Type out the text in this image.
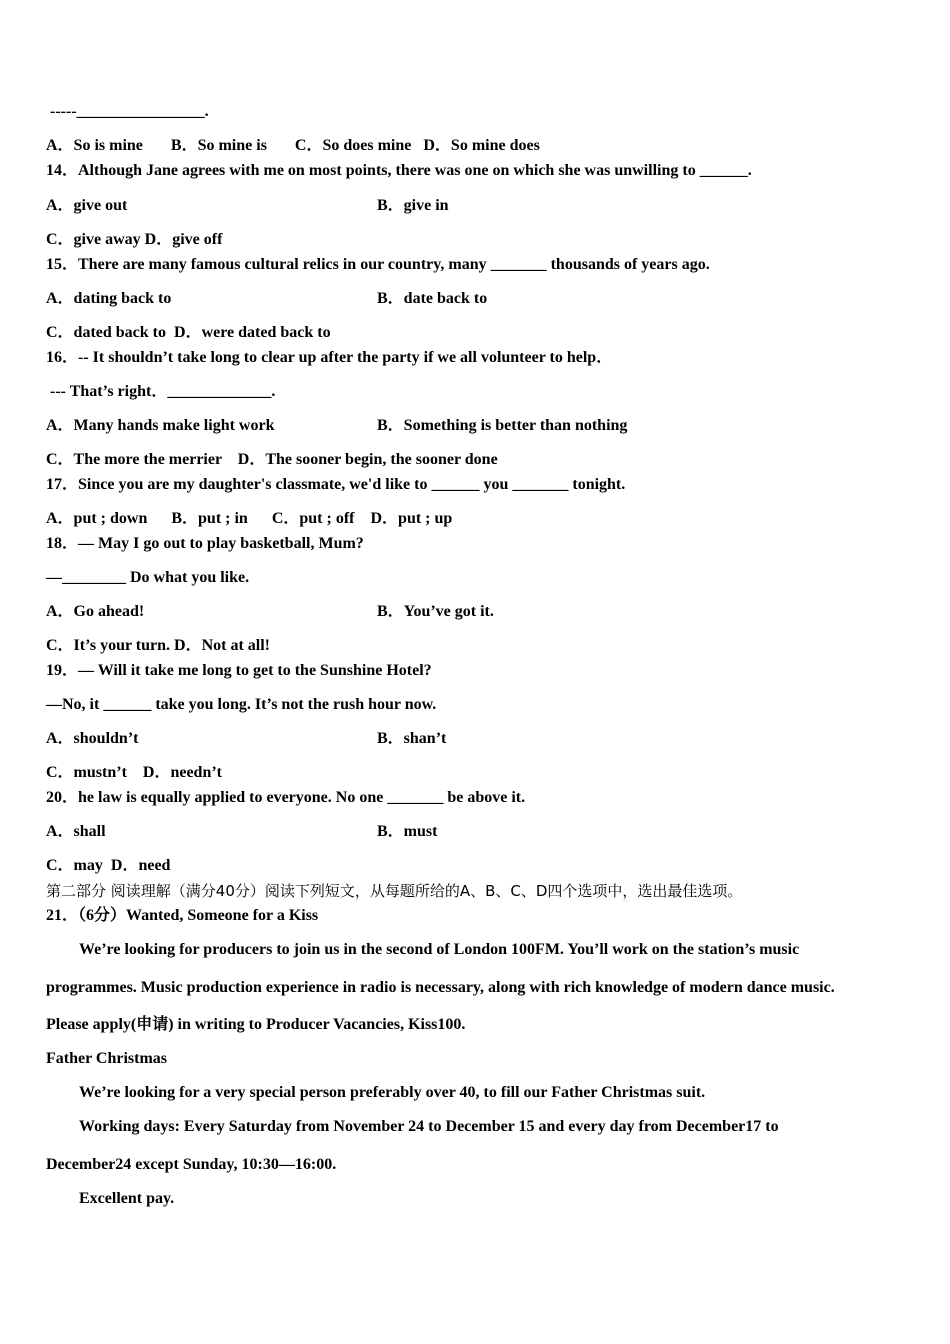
-----________________.
A．So is mine       B．So mine is       C．So does mine   D．So mine does
14．Although Jane agrees with me on most points, there was one on which she was unwilling to ______.
A．give out	B．give in
C．give away D．give off
15．There are many famous cultural relics in our country, many _______ thousands of years ago.
A．dating back to	B．date back to
C．dated back to  D．were dated back to
16．-- It shouldn’t take long to clear up after the party if we all volunteer to help．
--- That’s right．_____________.
A．Many hands make light work	B．Something is better than nothing
C．The more the merrier    D．The sooner begin, the sooner done
17．Since you are my daughter's classmate, we'd like to ______ you _______ tonight.
A．put ; down      B．put ; in      C．put ; off    D．put ; up
18．— May I go out to play basketball, Mum?
—________ Do what you like.
A．Go ahead!	B．You’ve got it.
C．It’s your turn. D．Not at all!
19．— Will it take me long to get to the Sunshine Hotel?
—No, it ______ take you long. It’s not the rush hour now.
A．shouldn’t	B．shan’t
C．mustn’t    D．needn’t
20．he law is equally applied to everyone. No one _______ be above it.
A．shall	B．must
C．may  D．need
第二部分 阅读理解（满分40分）阅读下列短文，从每题所给的A、B、C、D四个选项中，选出最佳选项。
21．（6分）Wanted, Someone for a Kiss
We’re looking for producers to join us in the second of London 100FM. You’ll work on the station’s music
programmes. Music production experience in radio is necessary, along with rich knowledge of modern dance music.
Please apply(申请) in writing to Producer Vacancies, Kiss100.
Father Christmas
We’re looking for a very special person preferably over 40, to fill our Father Christmas suit.
Working days: Every Saturday from November 24 to December 15 and every day from December17 to
December24 except Sunday, 10:30—16:00.
Excellent pay.
